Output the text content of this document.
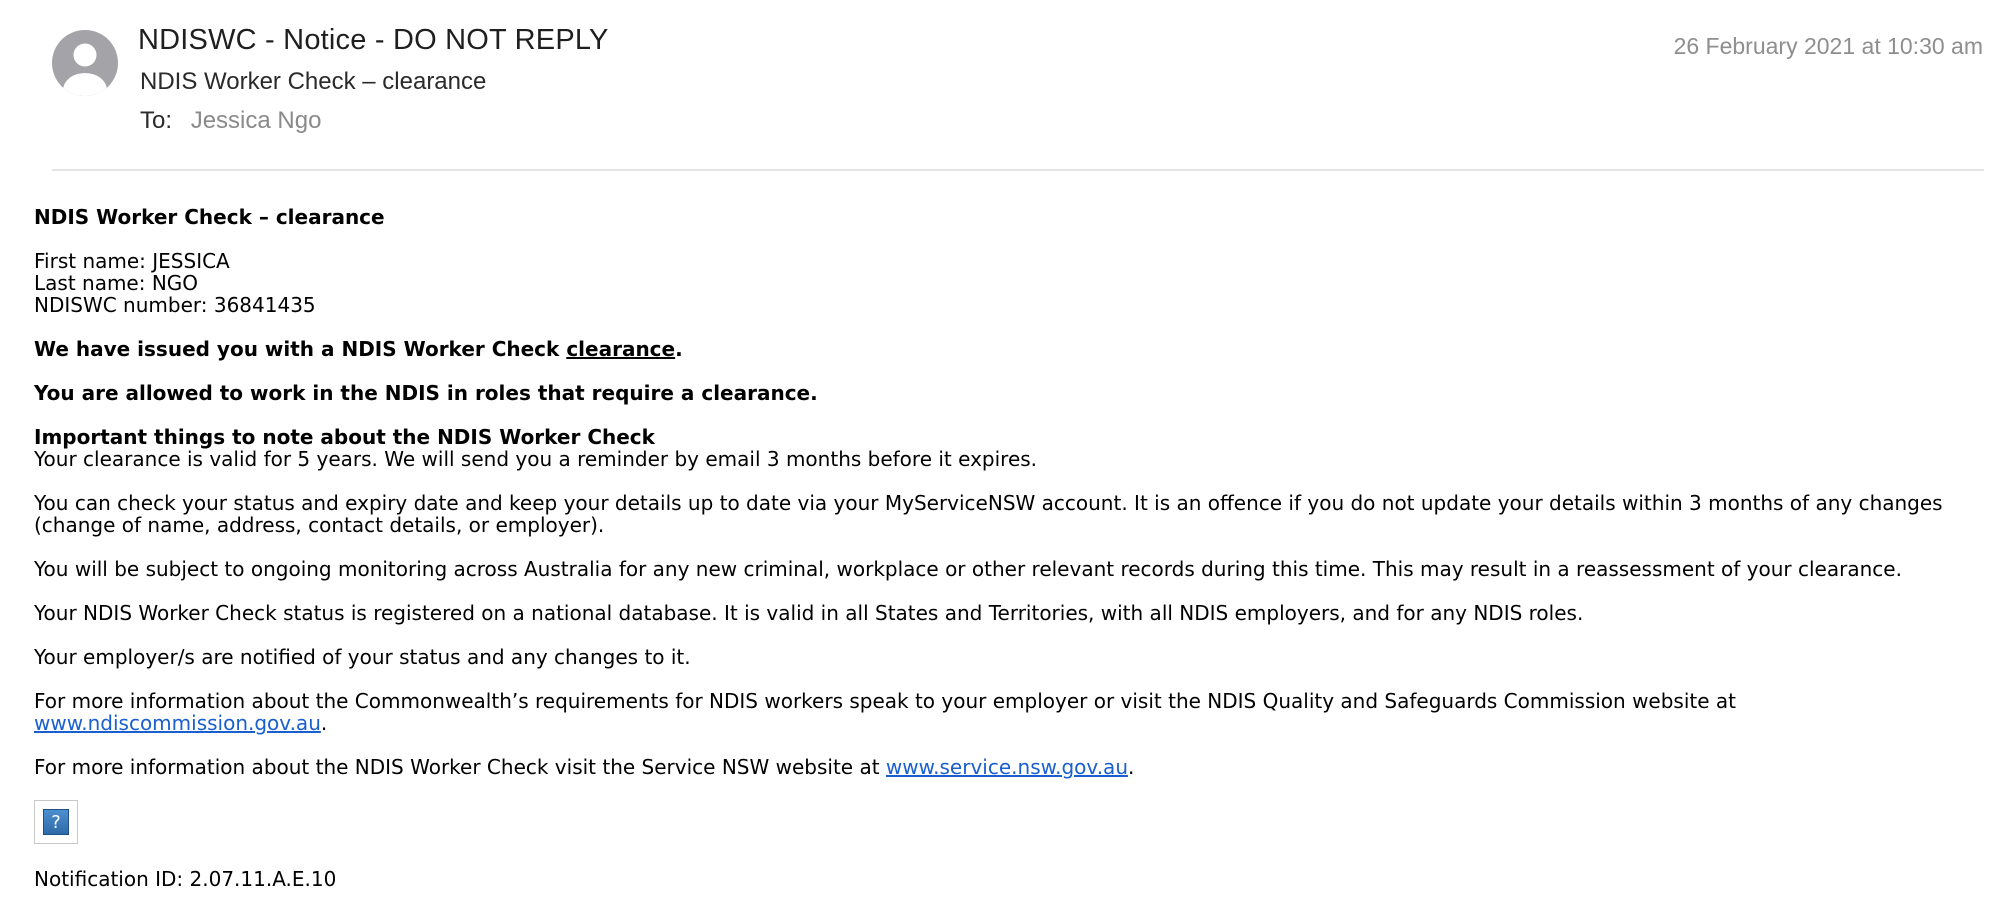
NDISWC - Notice - DO NOT REPLY
NDIS Worker Check – clearance
To: Jessica Ngo
26 February 2021 at 10:30 am

NDIS Worker Check – clearance

First name: JESSICA

Last name: NGO

NDISWC number: 36841435

We have issued you with a NDIS Worker Check clearance.

You are allowed to work in the NDIS in roles that require a clearance.

Important things to note about the NDIS Worker Check

Your clearance is valid for 5 years. We will send you a reminder by email 3 months before it expires.

You can check your status and expiry date and keep your details up to date via your MyServiceNSW account. It is an offence if you do not update your details within 3 months of any changes (change of name, address, contact details, or employer).

You will be subject to ongoing monitoring across Australia for any new criminal, workplace or other relevant records during this time. This may result in a reassessment of your clearance.

Your NDIS Worker Check status is registered on a national database. It is valid in all States and Territories, with all NDIS employers, and for any NDIS roles.

Your employer/s are notified of your status and any changes to it.

For more information about the Commonwealth’s requirements for NDIS workers speak to your employer or visit the NDIS Quality and Safeguards Commission website at www.ndiscommission.gov.au.

For more information about the NDIS Worker Check visit the Service NSW website at www.service.nsw.gov.au.

?

Notification ID: 2.07.11.A.E.10
